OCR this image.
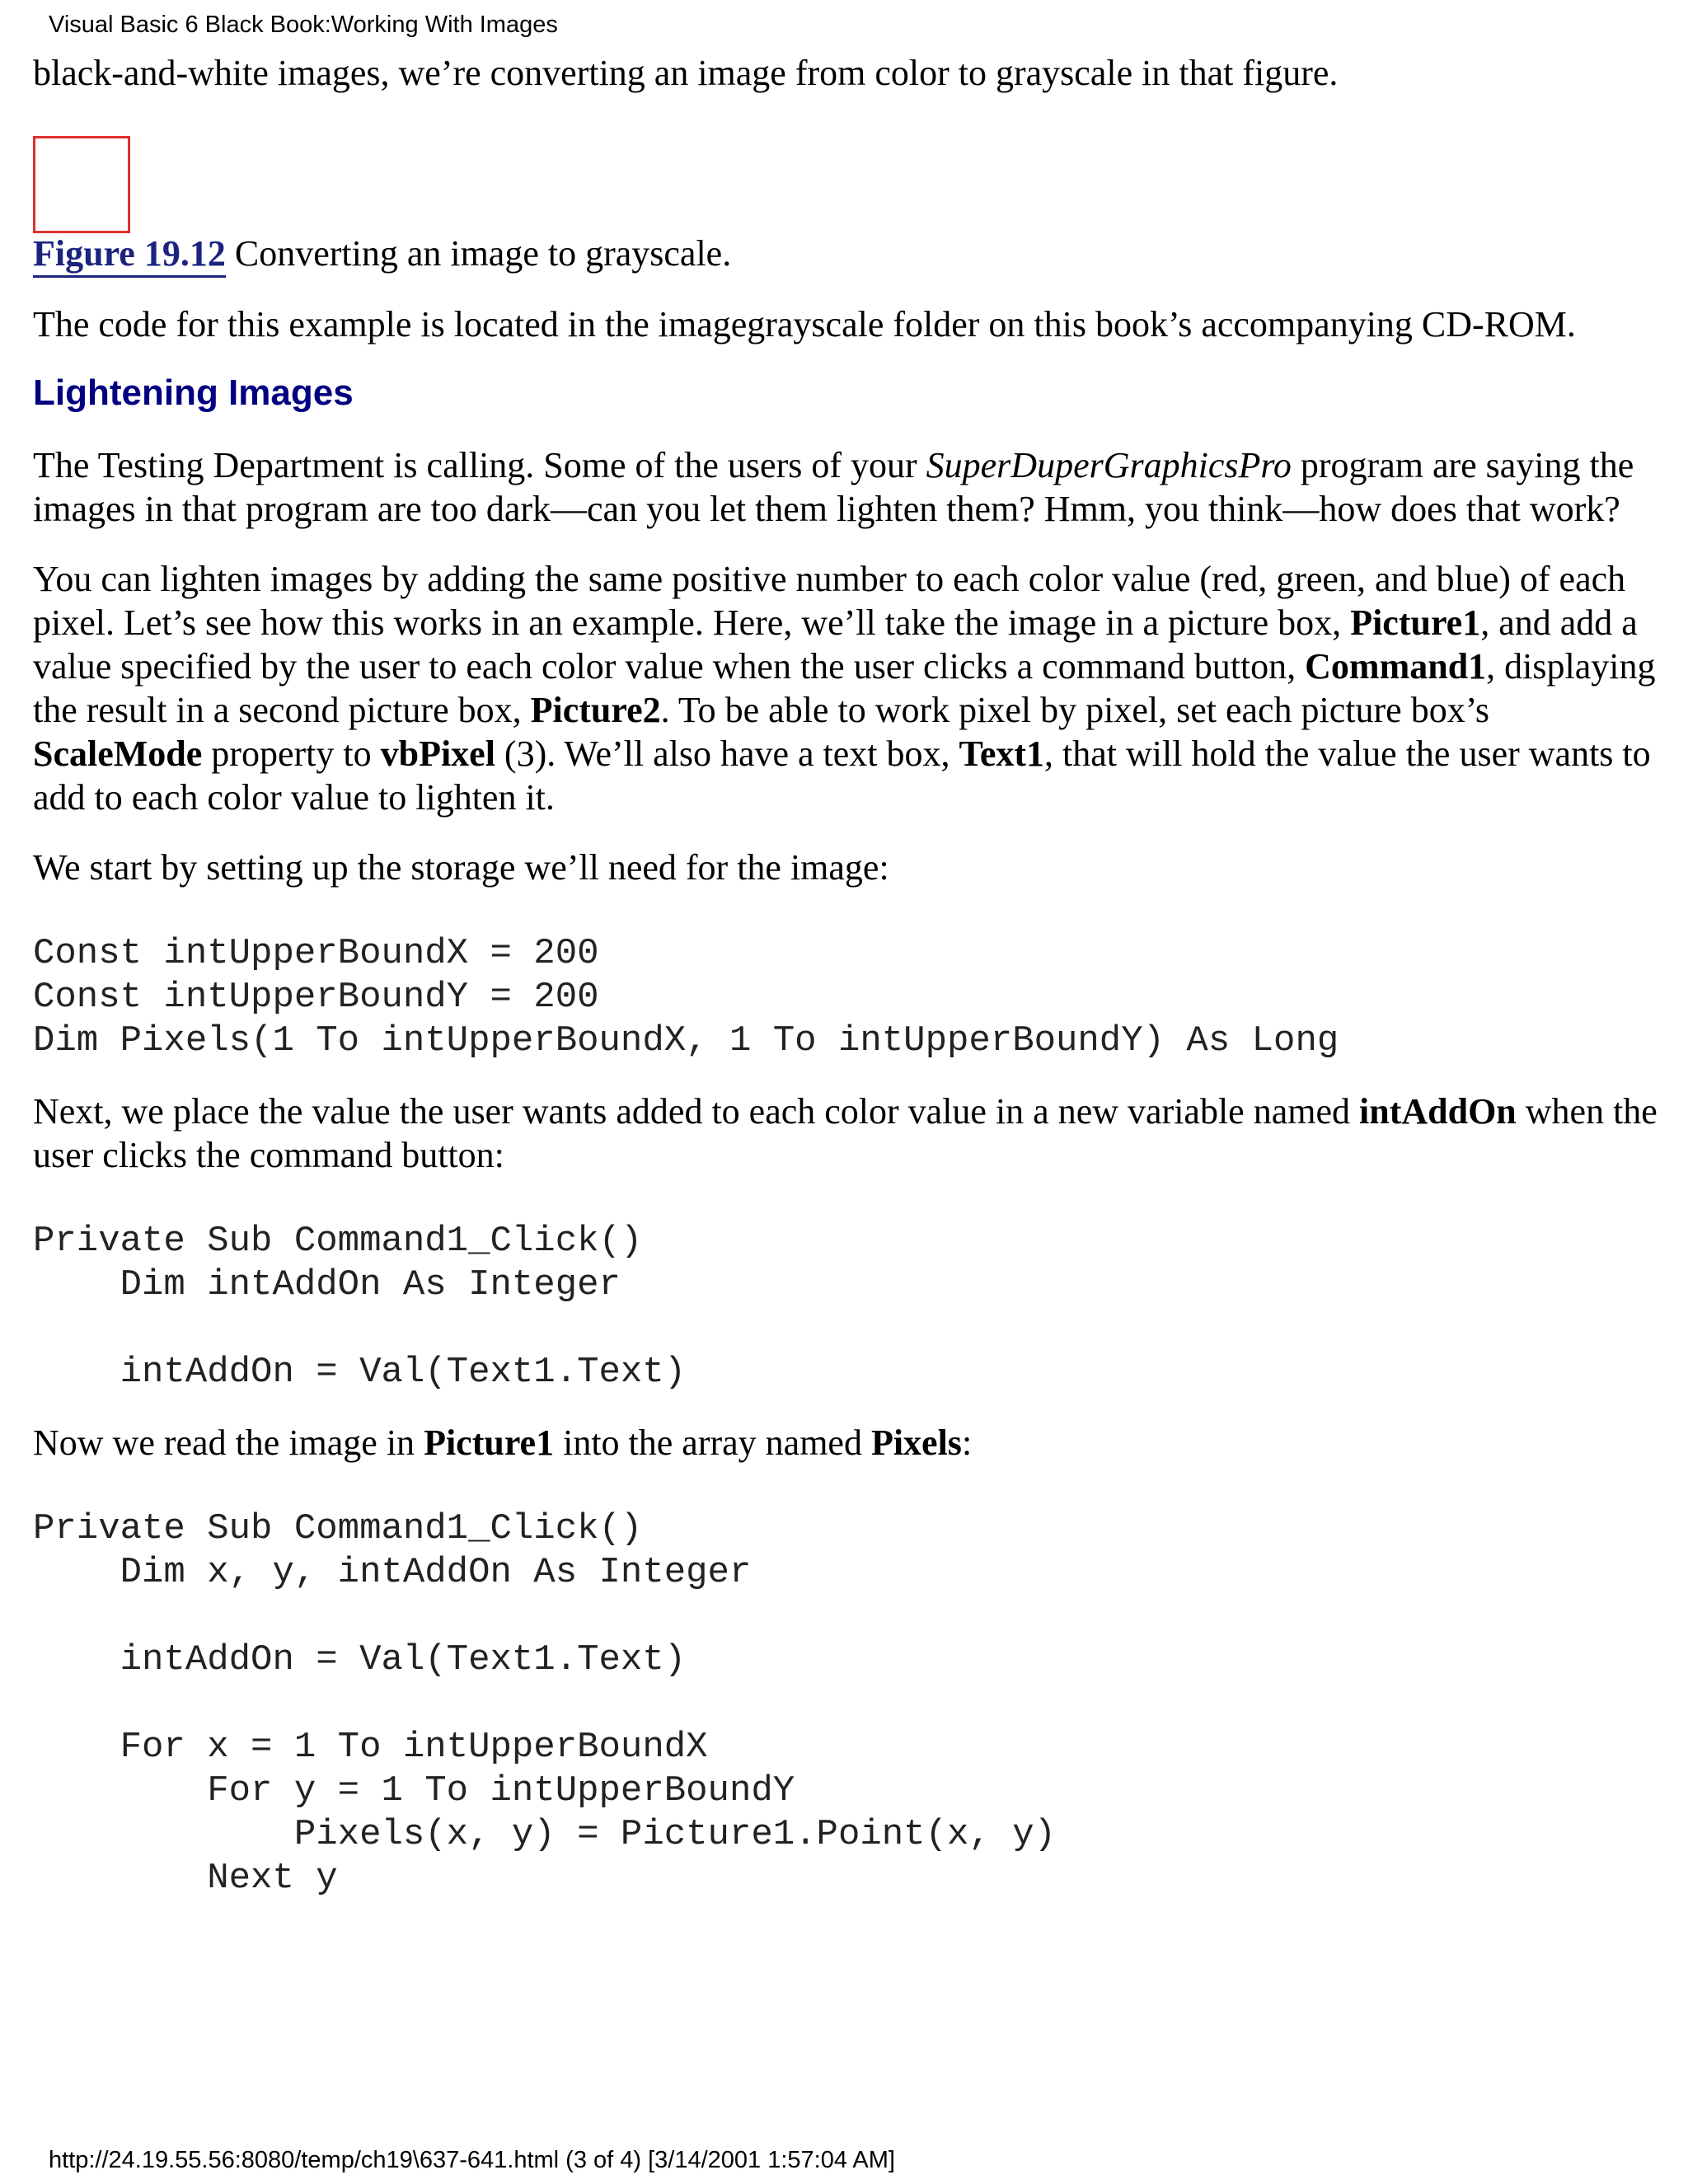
Visual Basic 6 Black Book:Working With Images

black-and-white images, we’re converting an image from color to grayscale in that figure.

Figure 19.12 Converting an image to grayscale.

The code for this example is located in the imagegrayscale folder on this book’s accompanying CD-ROM.

Lightening Images

The Testing Department is calling. Some of the users of your SuperDuperGraphicsPro program are saying the images in that program are too dark—can you let them lighten them? Hmm, you think—how does that work?

You can lighten images by adding the same positive number to each color value (red, green, and blue) of each pixel. Let’s see how this works in an example. Here, we’ll take the image in a picture box, Picture1, and add a value specified by the user to each color value when the user clicks a command button, Command1, displaying the result in a second picture box, Picture2. To be able to work pixel by pixel, set each picture box’s ScaleMode property to vbPixel (3). We’ll also have a text box, Text1, that will hold the value the user wants to add to each color value to lighten it.

We start by setting up the storage we’ll need for the image:

Const intUpperBoundX = 200
Const intUpperBoundY = 200
Dim Pixels(1 To intUpperBoundX, 1 To intUpperBoundY) As Long

Next, we place the value the user wants added to each color value in a new variable named intAddOn when the user clicks the command button:

Private Sub Command1_Click()
Dim intAddOn As Integer
intAddOn = Val(Text1.Text)

Now we read the image in Picture1 into the array named Pixels:

Private Sub Command1_Click()
Dim x, y, intAddOn As Integer
intAddOn = Val(Text1.Text)
For x = 1 To intUpperBoundX
For y = 1 To intUpperBoundY
Pixels(x, y) = Picture1.Point(x, y)
Next y
http://24.19.55.56:8080/temp/ch19\637-641.html (3 of 4) [3/14/2001 1:57:04 AM]
